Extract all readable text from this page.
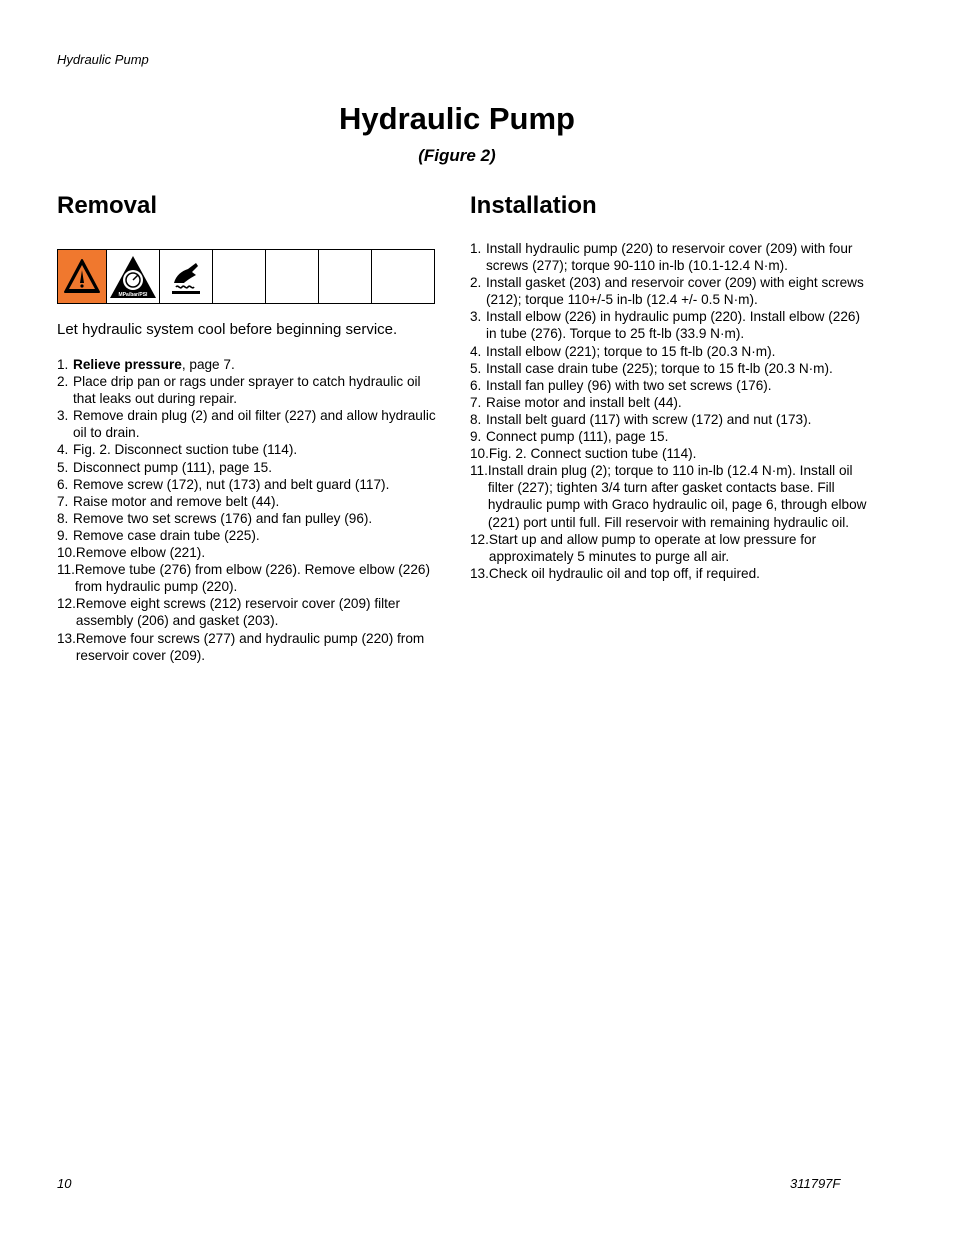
Hydraulic Pump
Hydraulic Pump
(Figure 2)
Removal
MPa/bar/PSI
Let hydraulic system cool before beginning service.
1. Relieve pressure, page 7.
2. Place drip pan or rags under sprayer to catch hydraulic oil that leaks out during repair.
3. Remove drain plug (2) and oil filter (227) and allow hydraulic oil to drain.
4. Fig. 2. Disconnect suction tube (114).
5. Disconnect pump (111), page 15.
6. Remove screw (172), nut (173) and belt guard (117).
7. Raise motor and remove belt (44).
8. Remove two set screws (176) and fan pulley (96).
9. Remove case drain tube (225).
10. Remove elbow (221).
11. Remove tube (276) from elbow (226). Remove elbow (226) from hydraulic pump (220).
12. Remove eight screws (212) reservoir cover (209) filter assembly (206) and gasket (203).
13. Remove four screws (277) and hydraulic pump (220) from reservoir cover (209).
Installation
1. Install hydraulic pump (220) to reservoir cover (209) with four screws (277); torque 90-110 in-lb (10.1-12.4 N·m).
2. Install gasket (203) and reservoir cover (209) with eight screws (212); torque 110+/-5 in-lb (12.4 +/- 0.5 N·m).
3. Install elbow (226) in hydraulic pump (220). Install elbow (226) in tube (276). Torque to 25 ft-lb (33.9 N·m).
4. Install elbow (221); torque to 15 ft-lb (20.3 N·m).
5. Install case drain tube (225); torque to 15 ft-lb (20.3 N·m).
6. Install fan pulley (96) with two set screws (176).
7. Raise motor and install belt (44).
8. Install belt guard (117) with screw (172) and nut (173).
9. Connect pump (111), page 15.
10. Fig. 2. Connect suction tube (114).
11. Install drain plug (2); torque to 110 in-lb (12.4 N·m). Install oil filter (227); tighten 3/4 turn after gasket contacts base. Fill hydraulic pump with Graco hydraulic oil, page 6, through elbow (221) port until full. Fill reservoir with remaining hydraulic oil.
12. Start up and allow pump to operate at low pressure for approximately 5 minutes to purge all air.
13. Check oil hydraulic oil and top off, if required.
10	311797F
